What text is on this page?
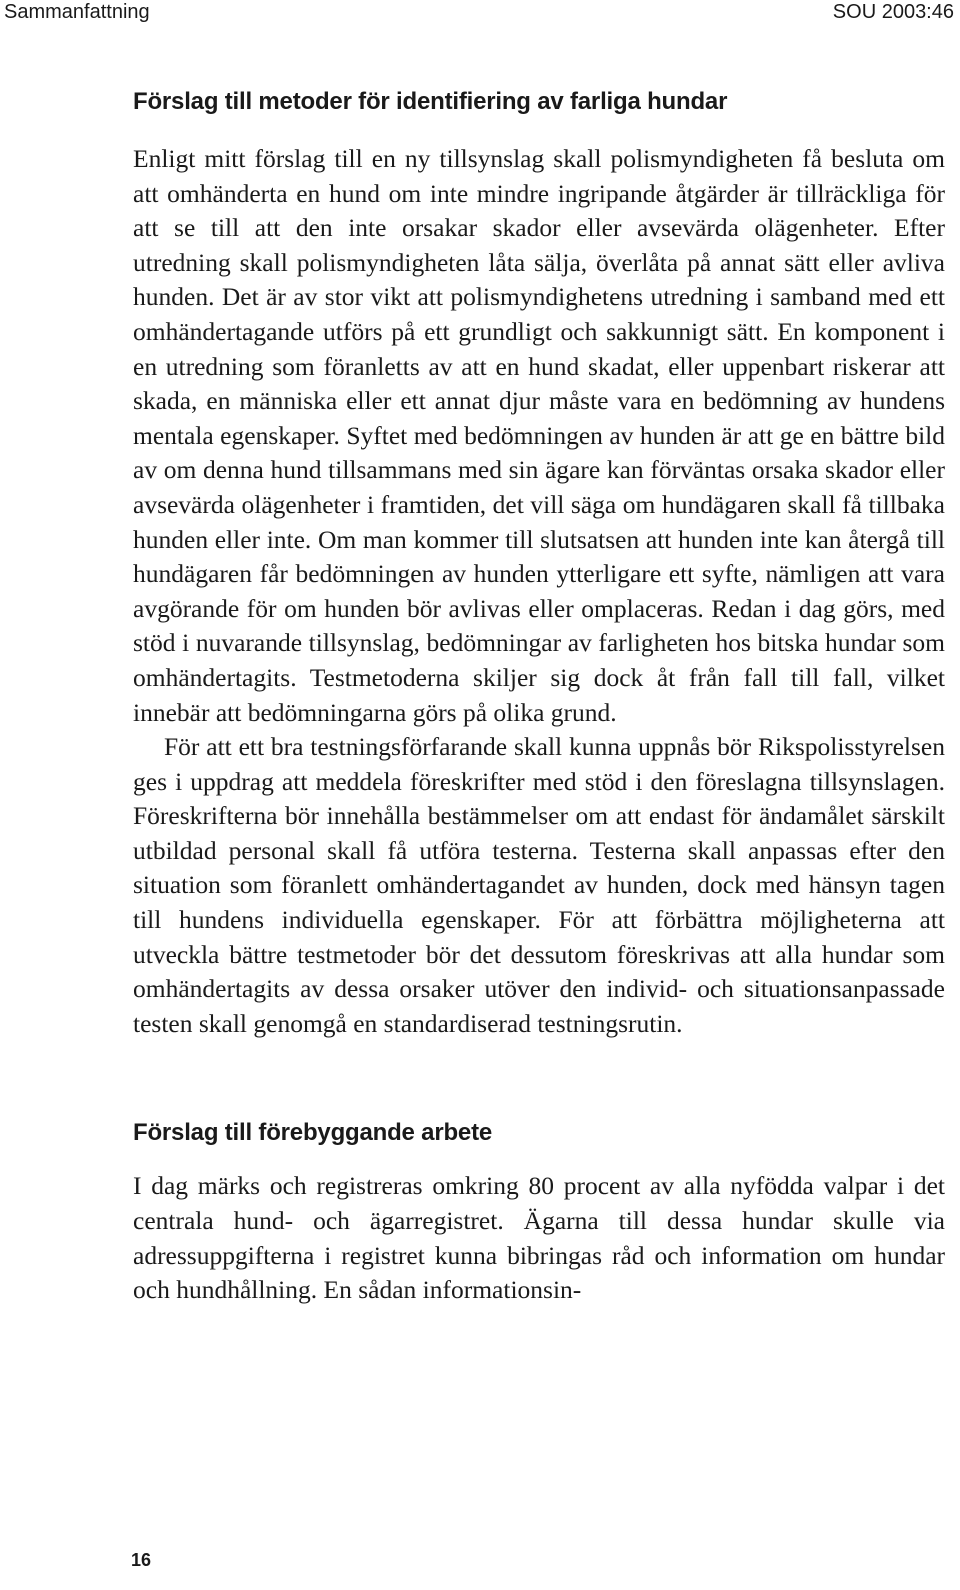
Sammanfattning	SOU 2003:46
Förslag till metoder för identifiering av farliga hundar

Enligt mitt förslag till en ny tillsynslag skall polismyndigheten få besluta om att omhänderta en hund om inte mindre ingripande åtgärder är tillräckliga för att se till att den inte orsakar skador eller avsevärda olägenheter. Efter utredning skall polismyndigheten låta sälja, överlåta på annat sätt eller avliva hunden. Det är av stor vikt att polismyndighetens utredning i samband med ett omhändertagande utförs på ett grundligt och sakkunnigt sätt. En komponent i en utredning som föranletts av att en hund skadat, eller uppenbart riskerar att skada, en människa eller ett annat djur måste vara en bedömning av hundens mentala egenskaper. Syftet med bedömningen av hunden är att ge en bättre bild av om denna hund tillsammans med sin ägare kan förväntas orsaka skador eller avsevärda olägenheter i framtiden, det vill säga om hundägaren skall få tillbaka hunden eller inte. Om man kommer till slutsatsen att hunden inte kan återgå till hundägaren får bedömningen av hunden ytterligare ett syfte, nämligen att vara avgörande för om hunden bör avlivas eller omplaceras. Redan i dag görs, med stöd i nuvarande tillsynslag, bedömningar av farligheten hos bitska hundar som omhändertagits. Testmetoderna skiljer sig dock åt från fall till fall, vilket innebär att bedömningarna görs på olika grund.

För att ett bra testningsförfarande skall kunna uppnås bör Rikspolisstyrelsen ges i uppdrag att meddela föreskrifter med stöd i den föreslagna tillsynslagen. Föreskrifterna bör innehålla bestämmelser om att endast för ändamålet särskilt utbildad personal skall få utföra testerna. Testerna skall anpassas efter den situation som föranlett omhändertagandet av hunden, dock med hänsyn tagen till hundens individuella egenskaper. För att förbättra möjligheterna att utveckla bättre testmetoder bör det dessutom föreskrivas att alla hundar som omhändertagits av dessa orsaker utöver den individ- och situationsanpassade testen skall genomgå en standardiserad testningsrutin.

Förslag till förebyggande arbete

I dag märks och registreras omkring 80 procent av alla nyfödda valpar i det centrala hund- och ägarregistret. Ägarna till dessa hundar skulle via adressuppgifterna i registret kunna bibringas råd och information om hundar och hundhållning. En sådan informationsin-

16
